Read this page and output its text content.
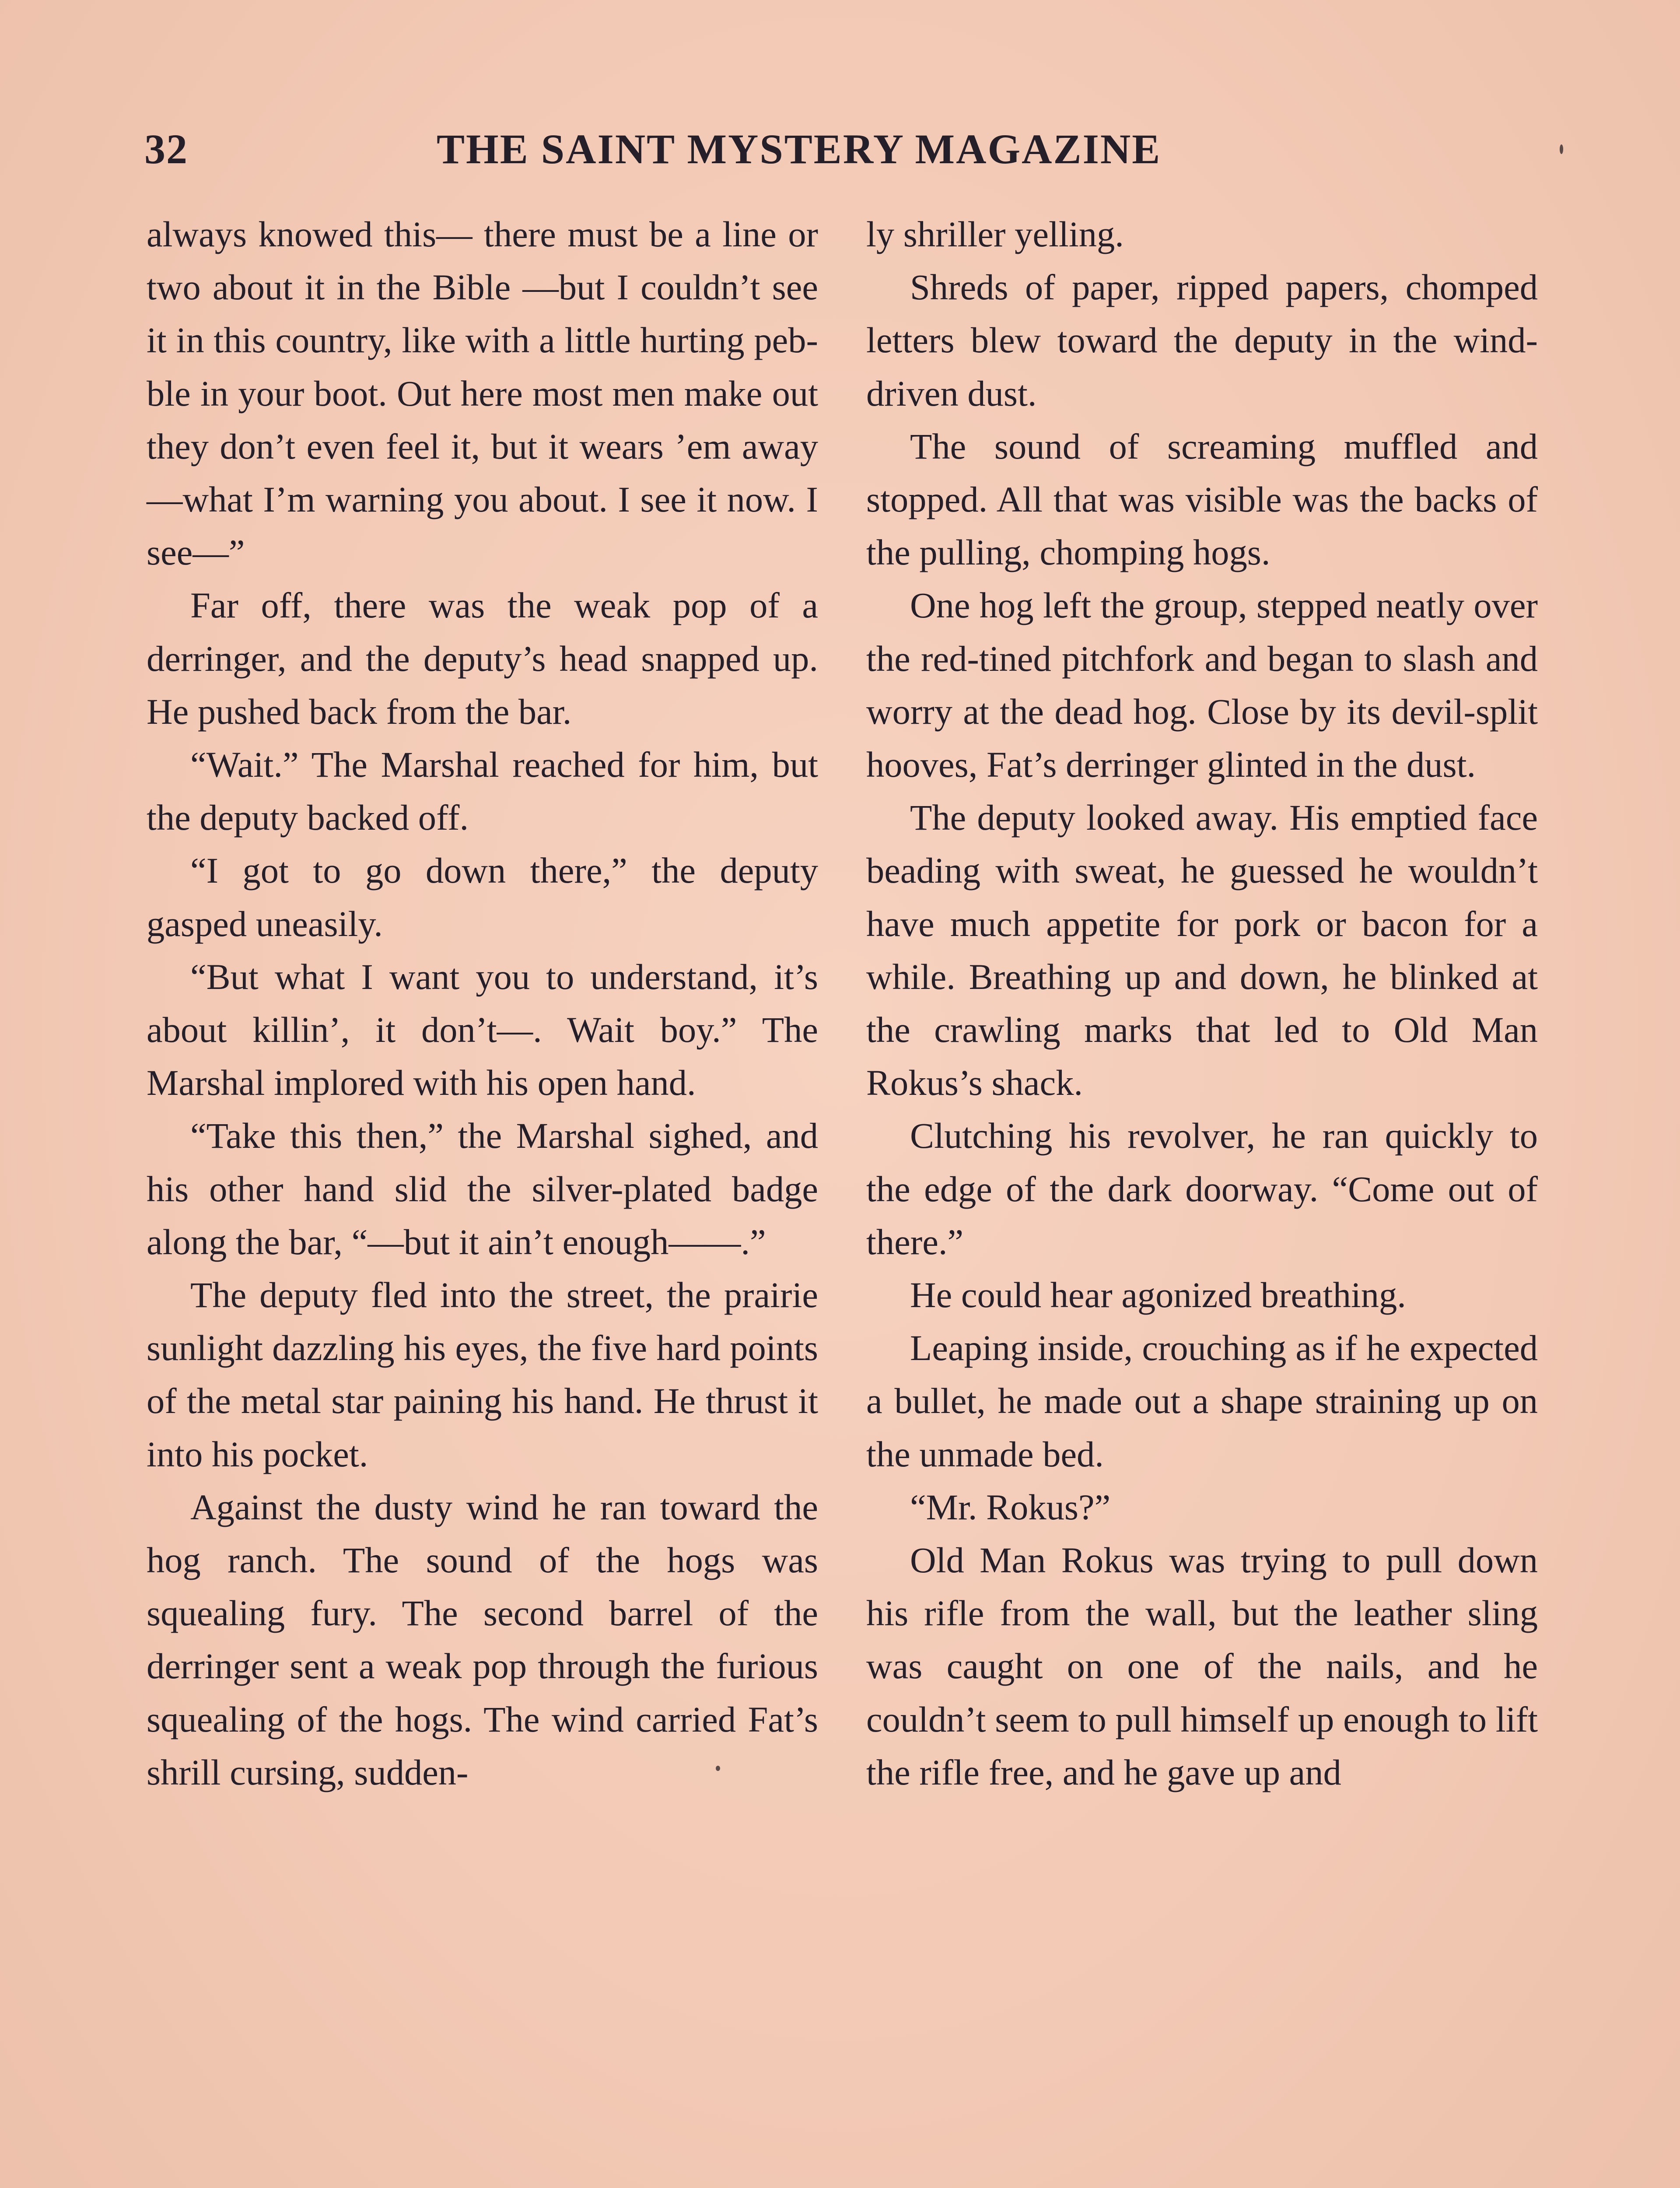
32	THE SAINT MYSTERY MAGAZINE

always knowed this— there must be a line or two about it in the Bible —but I couldn’t see it in this country, like with a little hurting pebble in your boot. Out here most men make out they don’t even feel it, but it wears ’em away—what I’m warning you about. I see it now. I see—”

Far off, there was the weak pop of a derringer, and the deputy’s head snapped up. He pushed back from the bar.

“Wait.” The Marshal reached for him, but the deputy backed off.

“I got to go down there,” the deputy gasped uneasily.

“But what I want you to understand, it’s about killin’, it don’t—. Wait boy.” The Marshal implored with his open hand.

“Take this then,” the Marshal sighed, and his other hand slid the silver-plated badge along the bar, “—but it ain’t enough——.”

The deputy fled into the street, the prairie sunlight dazzling his eyes, the five hard points of the metal star paining his hand. He thrust it into his pocket.

Against the dusty wind he ran toward the hog ranch. The sound of the hogs was squealing fury. The second barrel of the derringer sent a weak pop through the furious squealing of the hogs. The wind carried Fat’s shrill cursing, sudden-

ly shriller yelling.

Shreds of paper, ripped papers, chomped letters blew toward the deputy in the wind-driven dust.

The sound of screaming muffled and stopped. All that was visible was the backs of the pulling, chomping hogs.

One hog left the group, stepped neatly over the red-tined pitchfork and began to slash and worry at the dead hog. Close by its devil-split hooves, Fat’s derringer glinted in the dust.

The deputy looked away. His emptied face beading with sweat, he guessed he wouldn’t have much appetite for pork or bacon for a while. Breathing up and down, he blinked at the crawling marks that led to Old Man Rokus’s shack.

Clutching his revolver, he ran quickly to the edge of the dark doorway. “Come out of there.”

He could hear agonized breathing.

Leaping inside, crouching as if he expected a bullet, he made out a shape straining up on the unmade bed.

“Mr. Rokus?”

Old Man Rokus was trying to pull down his rifle from the wall, but the leather sling was caught on one of the nails, and he couldn’t seem to pull himself up enough to lift the rifle free, and he gave up and
